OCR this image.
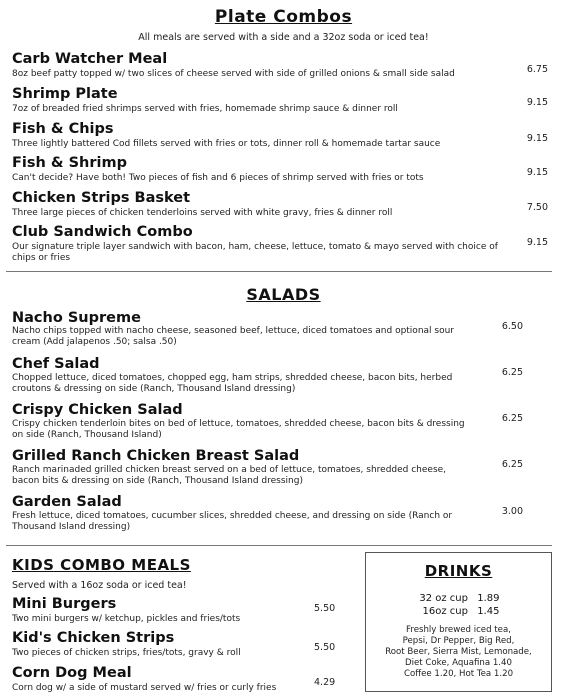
Plate Combos
All meals are served with a side and a 32oz soda or iced tea!
Carb Watcher Meal
8oz beef patty topped w/ two slices of cheese served with side of grilled onions & small side salad	6.75
Shrimp Plate
7oz of breaded fried shrimps served with fries, homemade shrimp sauce & dinner roll
9.15
Fish & Chips
Three lightly battered Cod fillets served with fries or tots, dinner roll & homemade tartar sauce	9.15
Fish & Shrimp
Can't decide? Have both! Two pieces of fish and 6 pieces of shrimp served with fries or tots	9.15
Chicken Strips Basket
Three large pieces of chicken tenderloins served with white gravy, fries & dinner roll	7.50
Club Sandwich Combo
Our signature triple layer sandwich with bacon, ham, cheese, lettuce, tomato & mayo served with choice of chips or fries
9.15
SALADS
Nacho Supreme
Nacho chips topped with nacho cheese, seasoned beef, lettuce, diced tomatoes and optional sour cream (Add jalapenos .50; salsa .50)
6.50
Chef Salad
Chopped lettuce, diced tomatoes, chopped egg, ham strips, shredded cheese, bacon bits, herbed croutons & dressing on side (Ranch, Thousand Island dressing)
6.25
Crispy Chicken Salad
Crispy chicken tenderloin bites on bed of lettuce, tomatoes, shredded cheese, bacon bits & dressing on side (Ranch, Thousand Island)
6.25
Grilled Ranch Chicken Breast Salad
Ranch marinaded grilled chicken breast served on a bed of lettuce, tomatoes, shredded cheese, bacon bits & dressing on side (Ranch, Thousand Island dressing)
6.25
Garden Salad
Fresh lettuce, diced tomatoes, cucumber slices, shredded cheese, and dressing on side (Ranch or Thousand Island dressing)
3.00
KIDS COMBO MEALS
Served with a 16oz soda or iced tea!
Mini Burgers
Two mini burgers w/ ketchup, pickles and fries/tots
5.50
Kid's Chicken Strips
Two pieces of chicken strips, fries/tots, gravy & roll	5.50
Corn Dog Meal
Corn dog w/ a side of mustard served w/ fries or curly fries	4.29
DRINKS
32 oz cup 1.89
16oz cup 1.45
Freshly brewed iced tea,
Pepsi, Dr Pepper, Big Red,
Root Beer, Sierra Mist, Lemonade,
Diet Coke, Aquafina 1.40
Coffee 1.20, Hot Tea 1.20
